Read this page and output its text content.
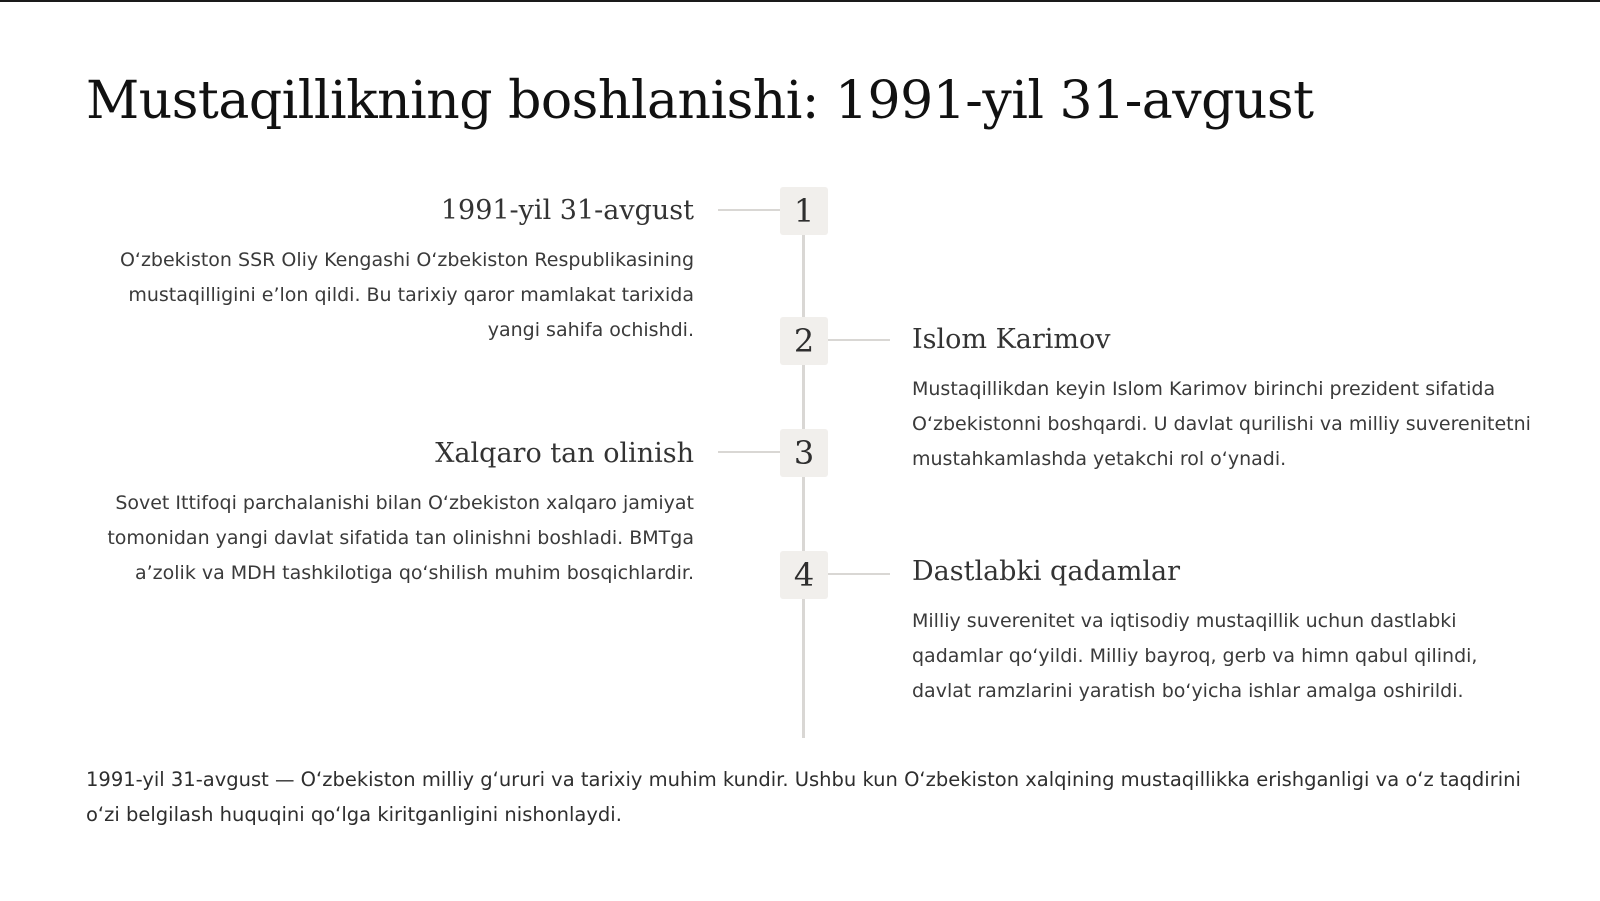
Mustaqillikning boshlanishi: 1991-yil 31-avgust
1
1991-yil 31-avgust

O‘zbekiston SSR Oliy Kengashi O‘zbekiston Respublikasining mustaqilligini e’lon qildi. Bu tarixiy qaror mamlakat tarixida yangi sahifa ochishdi.	2	Islom Karimov

Mustaqillikdan keyin Islom Karimov birinchi prezident sifatida O‘zbekistonni boshqardi. U davlat qurilishi va milliy suverenitetni mustahkamlashda yetakchi rol o‘ynadi.

3
Xalqaro tan olinish

Sovet Ittifoqi parchalanishi bilan O‘zbekiston xalqaro jamiyat tomonidan yangi davlat sifatida tan olinishni boshladi. BMTga a’zolik va MDH tashkilotiga qo‘shilish muhim bosqichlardir.	4	Dastlabki qadamlar

Milliy suverenitet va iqtisodiy mustaqillik uchun dastlabki qadamlar qo‘yildi. Milliy bayroq, gerb va himn qabul qilindi, davlat ramzlarini yaratish bo‘yicha ishlar amalga oshirildi.

1991-yil 31-avgust — O‘zbekiston milliy g‘ururi va tarixiy muhim kundir. Ushbu kun O‘zbekiston xalqining mustaqillikka erishganligi va o‘z taqdirini o‘zi belgilash huquqini qo‘lga kiritganligini nishonlaydi.
